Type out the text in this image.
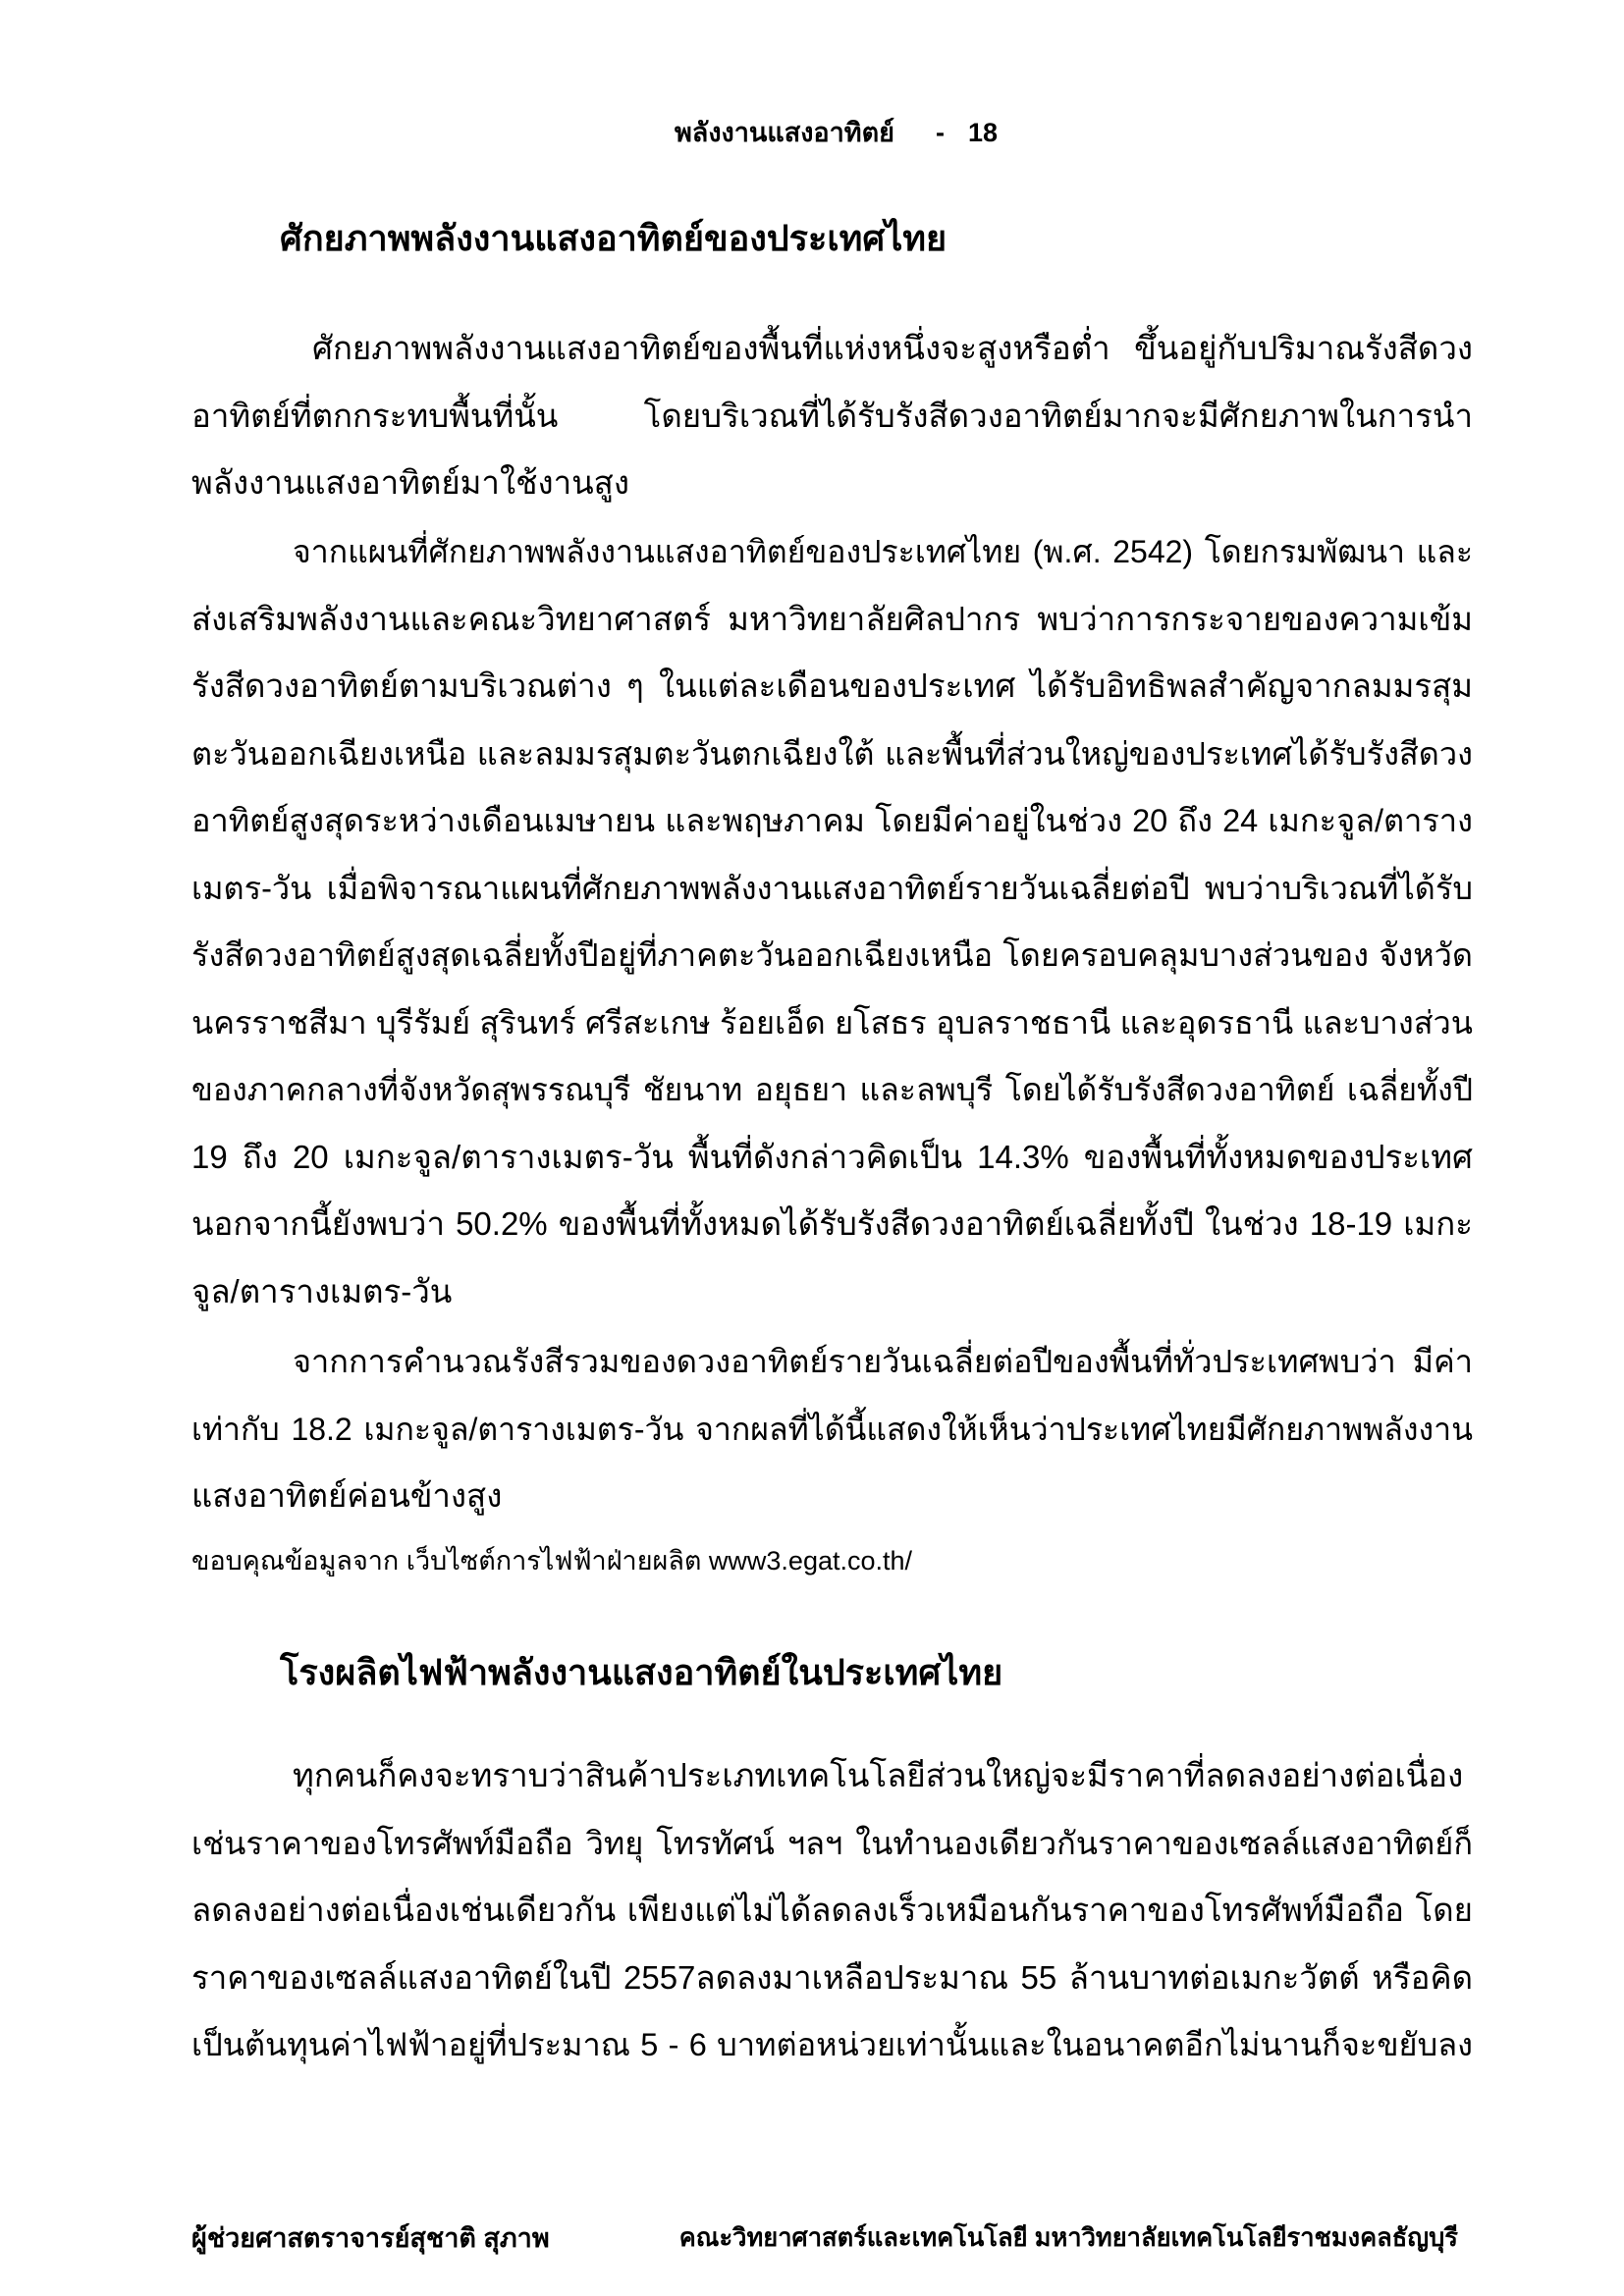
พลังงานแสงอาทิตย์ - 18
ศักยภาพพลังงานแสงอาทิตย์ของประเทศไทย
ศักยภาพพลังงานแสงอาทิตย์ของพื้นที่แห่งหนึ่งจะสูงหรือต่ำ ขึ้นอยู่กับปริมาณรังสีดวง
อาทิตย์ที่ตกกระทบพื้นที่นั้น โดยบริเวณที่ได้รับรังสีดวงอาทิตย์มากจะมีศักยภาพในการนำ
พลังงานแสงอาทิตย์มาใช้งานสูง
จากแผนที่ศักยภาพพลังงานแสงอาทิตย์ของประเทศไทย (พ.ศ. 2542) โดยกรมพัฒนา และ
ส่งเสริมพลังงานและคณะวิทยาศาสตร์ มหาวิทยาลัยศิลปากร พบว่าการกระจายของความเข้ม
รังสีดวงอาทิตย์ตามบริเวณต่าง ๆ ในแต่ละเดือนของประเทศ ได้รับอิทธิพลสำคัญจากลมมรสุม
ตะวันออกเฉียงเหนือ และลมมรสุมตะวันตกเฉียงใต้ และพื้นที่ส่วนใหญ่ของประเทศได้รับรังสีดวง
อาทิตย์สูงสุดระหว่างเดือนเมษายน และพฤษภาคม โดยมีค่าอยู่ในช่วง 20 ถึง 24 เมกะจูล/ตาราง
เมตร-วัน เมื่อพิจารณาแผนที่ศักยภาพพลังงานแสงอาทิตย์รายวันเฉลี่ยต่อปี พบว่าบริเวณที่ได้รับ
รังสีดวงอาทิตย์สูงสุดเฉลี่ยทั้งปีอยู่ที่ภาคตะวันออกเฉียงเหนือ โดยครอบคลุมบางส่วนของ จังหวัด
นครราชสีมา บุรีรัมย์ สุรินทร์ ศรีสะเกษ ร้อยเอ็ด ยโสธร อุบลราชธานี และอุดรธานี และบางส่วน
ของภาคกลางที่จังหวัดสุพรรณบุรี ชัยนาท อยุธยา และลพบุรี โดยได้รับรังสีดวงอาทิตย์ เฉลี่ยทั้งปี
19 ถึง 20 เมกะจูล/ตารางเมตร-วัน พื้นที่ดังกล่าวคิดเป็น 14.3% ของพื้นที่ทั้งหมดของประเทศ
นอกจากนี้ยังพบว่า 50.2% ของพื้นที่ทั้งหมดได้รับรังสีดวงอาทิตย์เฉลี่ยทั้งปี ในช่วง 18-19 เมกะ
จูล/ตารางเมตร-วัน
จากการคำนวณรังสีรวมของดวงอาทิตย์รายวันเฉลี่ยต่อปีของพื้นที่ทั่วประเทศพบว่า มีค่า
เท่ากับ 18.2 เมกะจูล/ตารางเมตร-วัน จากผลที่ได้นี้แสดงให้เห็นว่าประเทศไทยมีศักยภาพพลังงาน
แสงอาทิตย์ค่อนข้างสูง
ขอบคุณข้อมูลจาก เว็บไซต์การไฟฟ้าฝ่ายผลิต www3.egat.co.th/
โรงผลิตไฟฟ้าพลังงานแสงอาทิตย์ในประเทศไทย
ทุกคนก็คงจะทราบว่าสินค้าประเภทเทคโนโลยีส่วนใหญ่จะมีราคาที่ลดลงอย่างต่อเนื่อง
เช่นราคาของโทรศัพท์มือถือ วิทยุ โทรทัศน์ ฯลฯ ในทำนองเดียวกันราคาของเซลล์แสงอาทิตย์ก็
ลดลงอย่างต่อเนื่องเช่นเดียวกัน เพียงแต่ไม่ได้ลดลงเร็วเหมือนกันราคาของโทรศัพท์มือถือ โดย
ราคาของเซลล์แสงอาทิตย์ในปี 2557ลดลงมาเหลือประมาณ 55 ล้านบาทต่อเมกะวัตต์ หรือคิด
เป็นต้นทุนค่าไฟฟ้าอยู่ที่ประมาณ 5 - 6 บาทต่อหน่วยเท่านั้นและในอนาคตอีกไม่นานก็จะขยับลง
ผู้ช่วยศาสตราจารย์สุชาติ สุภาพ	คณะวิทยาศาสตร์และเทคโนโลยี มหาวิทยาลัยเทคโนโลยีราชมงคลธัญบุรี
